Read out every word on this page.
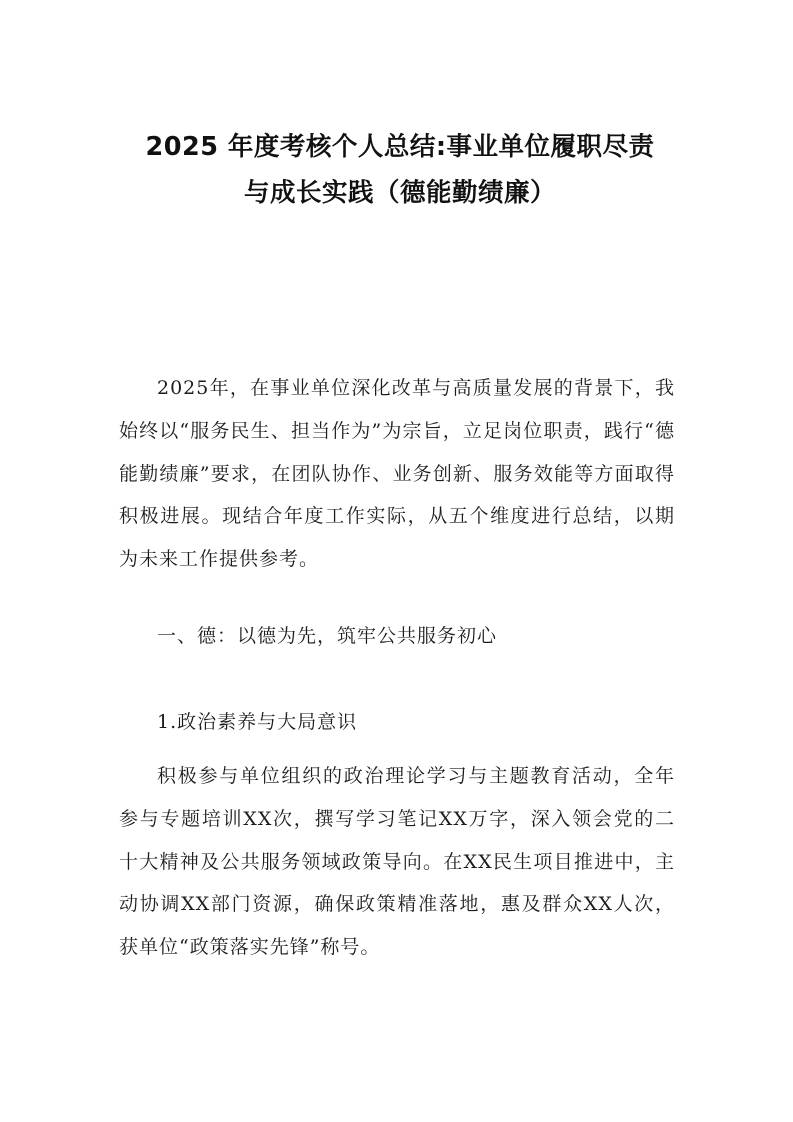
2025 年度考核个人总结:事业单位履职尽责
与成长实践（德能勤绩廉）

2025年，在事业单位深化改革与高质量发展的背景下，我始终以“服务民生、担当作为”为宗旨，立足岗位职责，践行“德能勤绩廉”要求，在团队协作、业务创新、服务效能等方面取得积极进展。现结合年度工作实际，从五个维度进行总结，以期为未来工作提供参考。

一、德：以德为先，筑牢公共服务初心

1.政治素养与大局意识

积极参与单位组织的政治理论学习与主题教育活动，全年参与专题培训XX次，撰写学习笔记XX万字，深入领会党的二十大精神及公共服务领域政策导向。在XX民生项目推进中，主动协调XX部门资源，确保政策精准落地，惠及群众XX人次，获单位“政策落实先锋”称号。
